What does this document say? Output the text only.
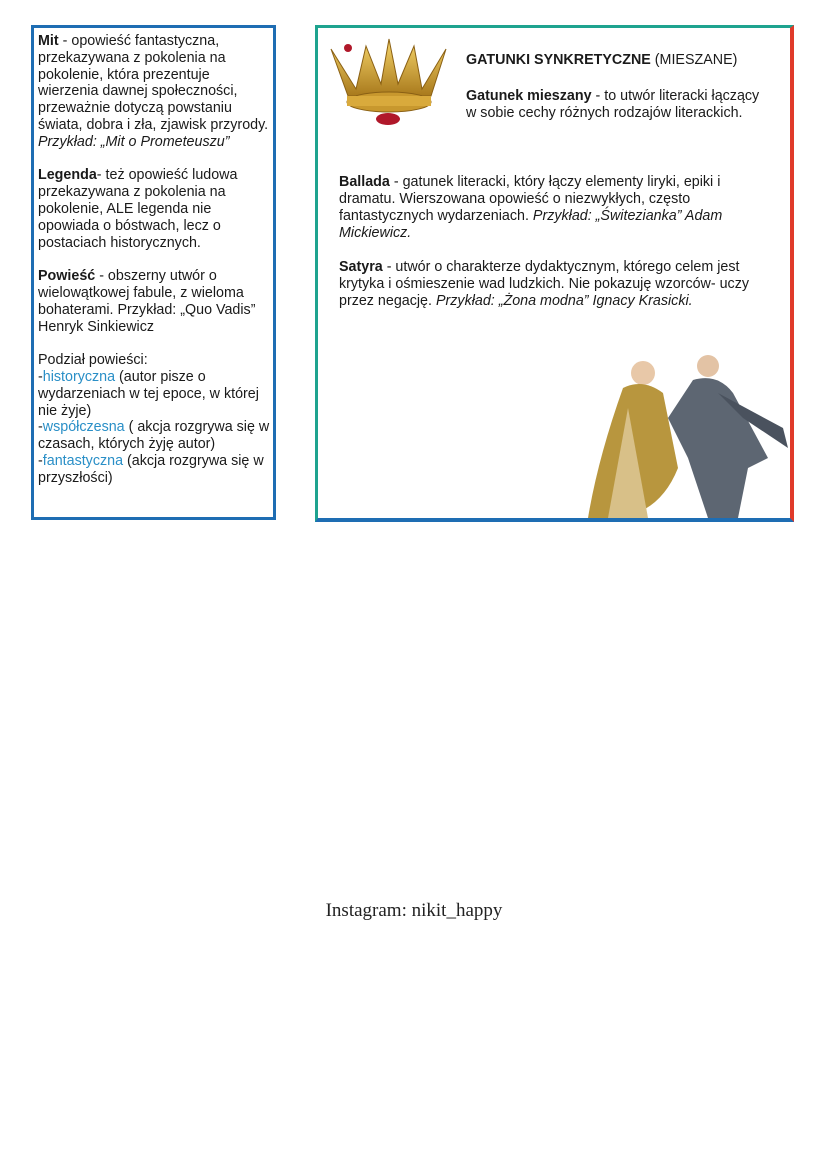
Mit - opowieść fantastyczna, przekazywana z pokolenia na pokolenie, która prezentuje wierzenia dawnej społeczności, przeważnie dotyczą powstaniu świata, dobra i zła, zjawisk przyrody. Przykład: „Mit o Prometeuszu”

Legenda- też opowieść ludowa przekazywana z pokolenia na pokolenie, ALE legenda nie opowiada o bóstwach, lecz o postaciach historycznych.

Powieść - obszerny utwór o wielowątkowej fabule, z wieloma bohaterami. Przykład: „Quo Vadis” Henryk Sinkiewicz

Podział powieści:
-historyczna (autor pisze o wydarzeniach w tej epoce, w której nie żyje)
-współczesna ( akcja rozgrywa się w czasach, których żyję autor)
-fantastyczna (akcja rozgrywa się w przyszłości)
GATUNKI SYNKRETYCZNE (MIESZANE)
Gatunek mieszany - to utwór literacki łączący w sobie cechy różnych rodzajów literackich.

Ballada - gatunek literacki, który łączy elementy liryki, epiki i dramatu. Wierszowana opowieść o niezwykłych, często fantastycznych wydarzeniach. Przykład: „Świtezianka” Adam Mickiewicz.

Satyra - utwór o charakterze dydaktycznym, którego celem jest krytyka i ośmieszenie wad ludzkich. Nie pokazuję wzorców- uczy przez negację. Przykład: „Żona modna” Ignacy Krasicki.

Instagram: nikit_happy
